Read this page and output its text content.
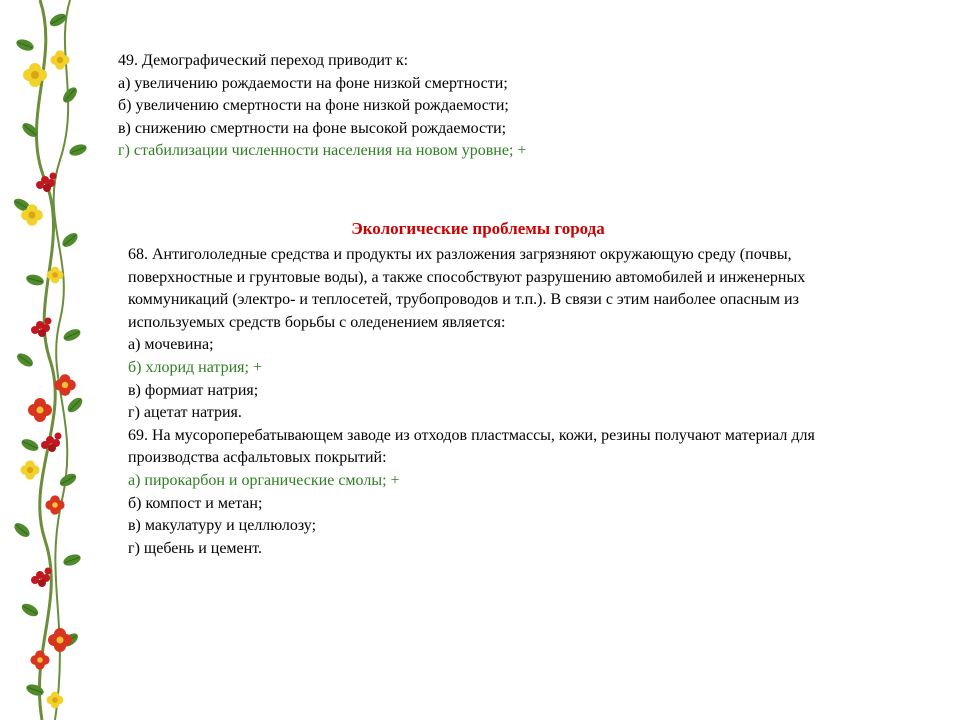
49. Демографический переход приводит к:

а) увеличению рождаемости на фоне низкой смертности;

б) увеличению смертности на фоне низкой рождаемости;

в) снижению смертности на фоне высокой рождаемости;

г) стабилизации численности населения на новом уровне; +

Экологические проблемы города

68. Антигололедные средства и продукты их разложения загрязняют окружающую среду (почвы,

поверхностные и грунтовые воды), а также способствуют разрушению автомобилей и инженерных

коммуникаций (электро- и теплосетей, трубопроводов и т.п.). В связи с этим наиболее опасным из

используемых средств борьбы с оледенением является:

а) мочевина;

б) хлорид натрия; +

в) формиат натрия;

г) ацетат натрия.

69. На мусороперебатывающем заводе из отходов пластмассы, кожи, резины получают материал для

производства асфальтовых покрытий:

а) пирокарбон и органические смолы; +

б) компост и метан;

в) макулатуру и целлюлозу;

г) щебень и цемент.
